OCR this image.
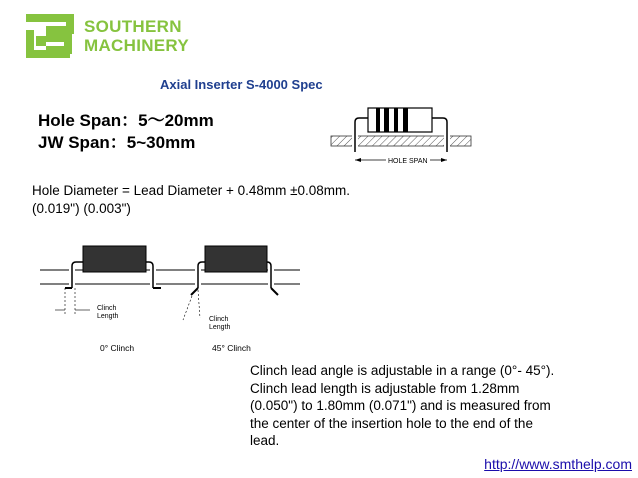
SOUTHERN
MACHINERY
Axial Inserter S-4000 Spec
Hole Span：5～20mm
JW Span：5~30mm
HOLE SPAN
Hole Diameter = Lead Diameter + 0.48mm ±0.08mm.
(0.019") (0.003")
Clinch
Length	Clinch
Length
0° Clinch	45° Clinch
Clinch lead angle is adjustable in a range (0°- 45°).
Clinch lead length is adjustable from 1.28mm
(0.050") to 1.80mm (0.071") and is measured from
the center of the insertion hole to the end of the
lead.
http://www.smthelp.com
